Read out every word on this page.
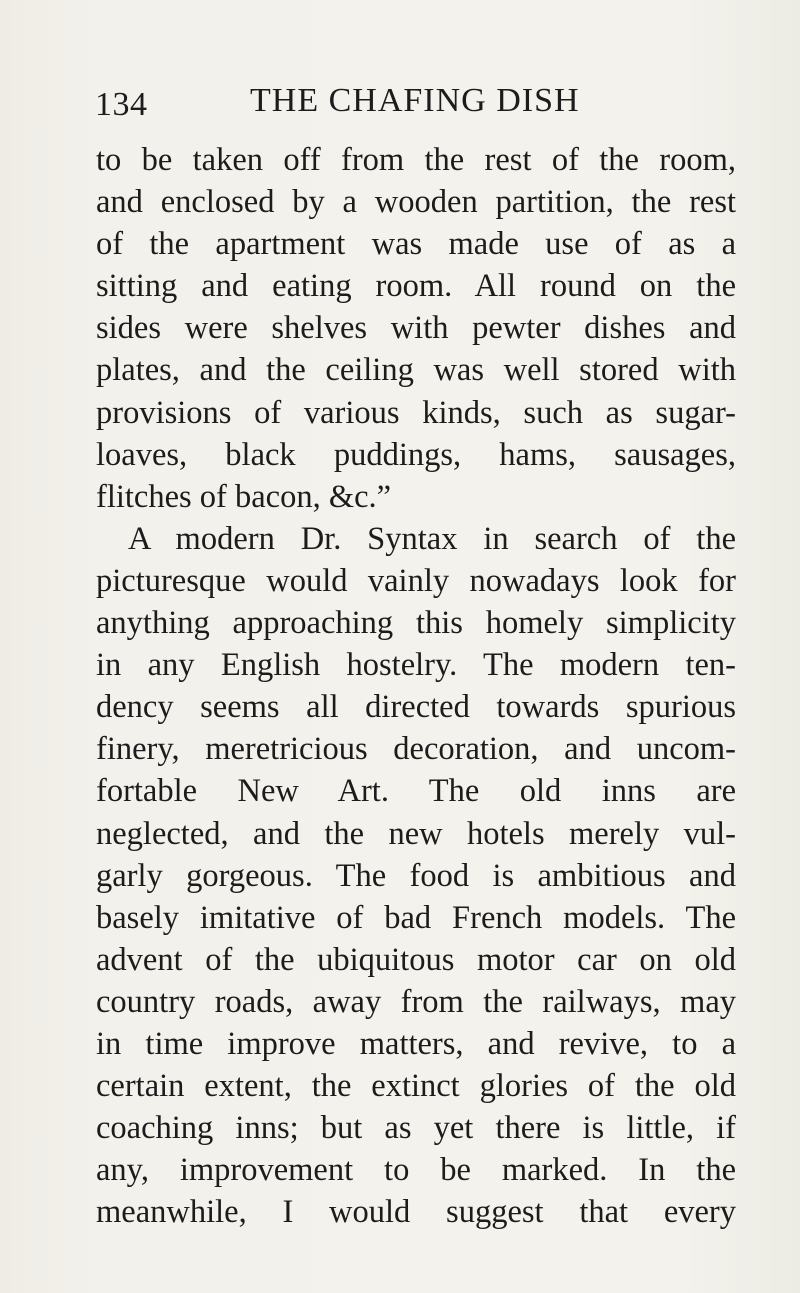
134	THE CHAFING DISH
to be taken off from the rest of the room,
and enclosed by a wooden partition, the rest
of the apartment was made use of as a
sitting and eating room. All round on the
sides were shelves with pewter dishes and
plates, and the ceiling was well stored with
provisions of various kinds, such as sugar-
loaves, black puddings, hams, sausages,
flitches of bacon, &c.”
A modern Dr. Syntax in search of the
picturesque would vainly nowadays look for
anything approaching this homely simplicity
in any English hostelry. The modern ten-
dency seems all directed towards spurious
finery, meretricious decoration, and uncom-
fortable New Art. The old inns are
neglected, and the new hotels merely vul-
garly gorgeous. The food is ambitious and
basely imitative of bad French models. The
advent of the ubiquitous motor car on old
country roads, away from the railways, may
in time improve matters, and revive, to a
certain extent, the extinct glories of the old
coaching inns; but as yet there is little, if
any, improvement to be marked. In the
meanwhile, I would suggest that every
